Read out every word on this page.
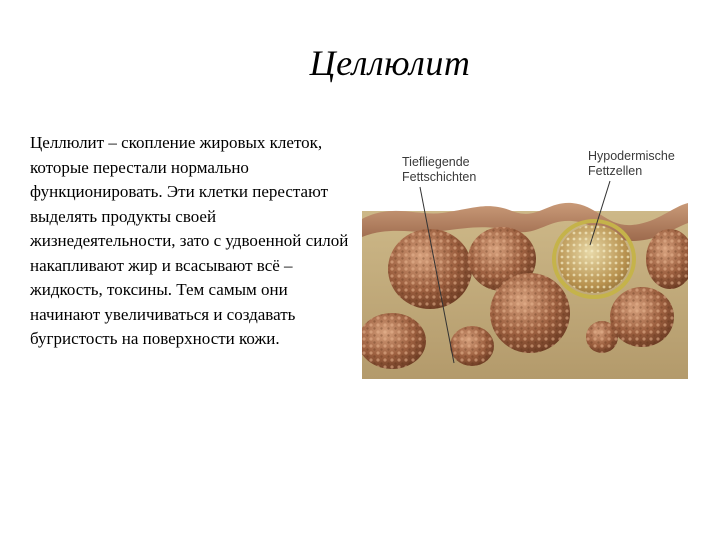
Целлюлит
Целлюлит – скопление жировых клеток, которые перестали нормально функционировать. Эти клетки перестают выделять продукты своей жизнедеятельности, зато с удвоенной силой накапливают жир и всасывают всё – жидкость, токсины. Тем самым они начинают увеличиваться и создавать бугристость на поверхности кожи.
Tiefliegende
Fettschichten
Hypodermische
Fettzellen
